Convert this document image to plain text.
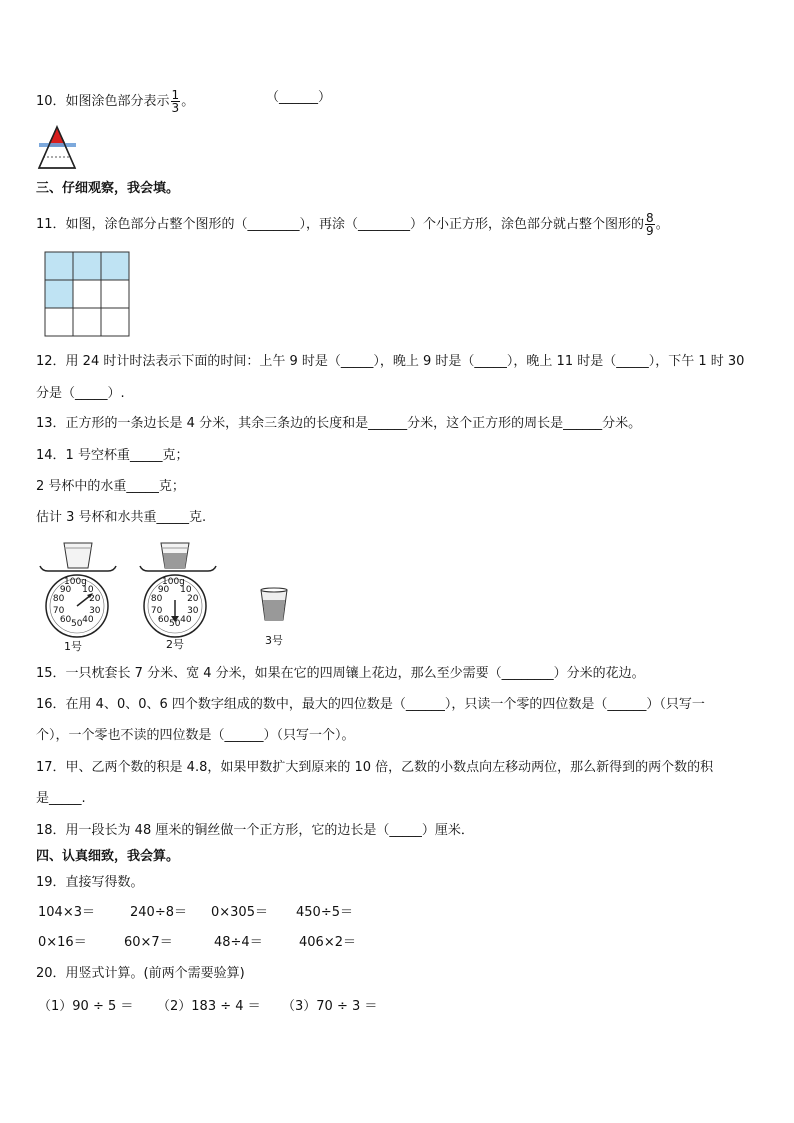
10．如图涂色部分表示 $\frac{1}{3}$ 。	（______）
三、仔细观察，我会填。
11．如图，涂色部分占整个图形的（________），再涂（________）个小正方形，涂色部分就占整个图形的 $\frac{8}{9}$ 。
12．用 24 时计时法表示下面的时间：上午 9 时是（_____），晚上 9 时是（_____），晚上 11 时是（_____），下午 1 时 30
分是（_____）.
13．正方形的一条边长是 4 分米，其余三条边的长度和是______分米，这个正方形的周长是______分米。
14．1 号空杯重_____克；
2 号杯中的水重_____克；
估计 3 号杯和水共重_____克.
100g	100g
90
80
70
60 50 40
30
20
10	90
80
70
60 50 40
30
20
10
1号	2号	3号
15．一只枕套长 7 分米、宽 4 分米，如果在它的四周镶上花边，那么至少需要（________）分米的花边。
16．在用 4、0、0、6 四个数字组成的数中，最大的四位数是（______），只读一个零的四位数是（______）（只写一
个），一个零也不读的四位数是（______）（只写一个）。
17．甲、乙两个数的积是 4.8，如果甲数扩大到原来的 10 倍，乙数的小数点向左移动两位，那么新得到的两个数的积
是_____.
18．用一段长为 48 厘米的铜丝做一个正方形，它的边长是（_____）厘米．
四、认真细致，我会算。
19．直接写得数。
104×3＝	240÷8＝ 0×305＝ 450÷5＝
0×16＝	60×7＝	48÷4＝	406×2＝
20．用竖式计算。(前两个需要验算)
（1）90 ÷ 5 ＝ （2）183 ÷ 4 ＝ （3）70 ÷ 3 ＝
